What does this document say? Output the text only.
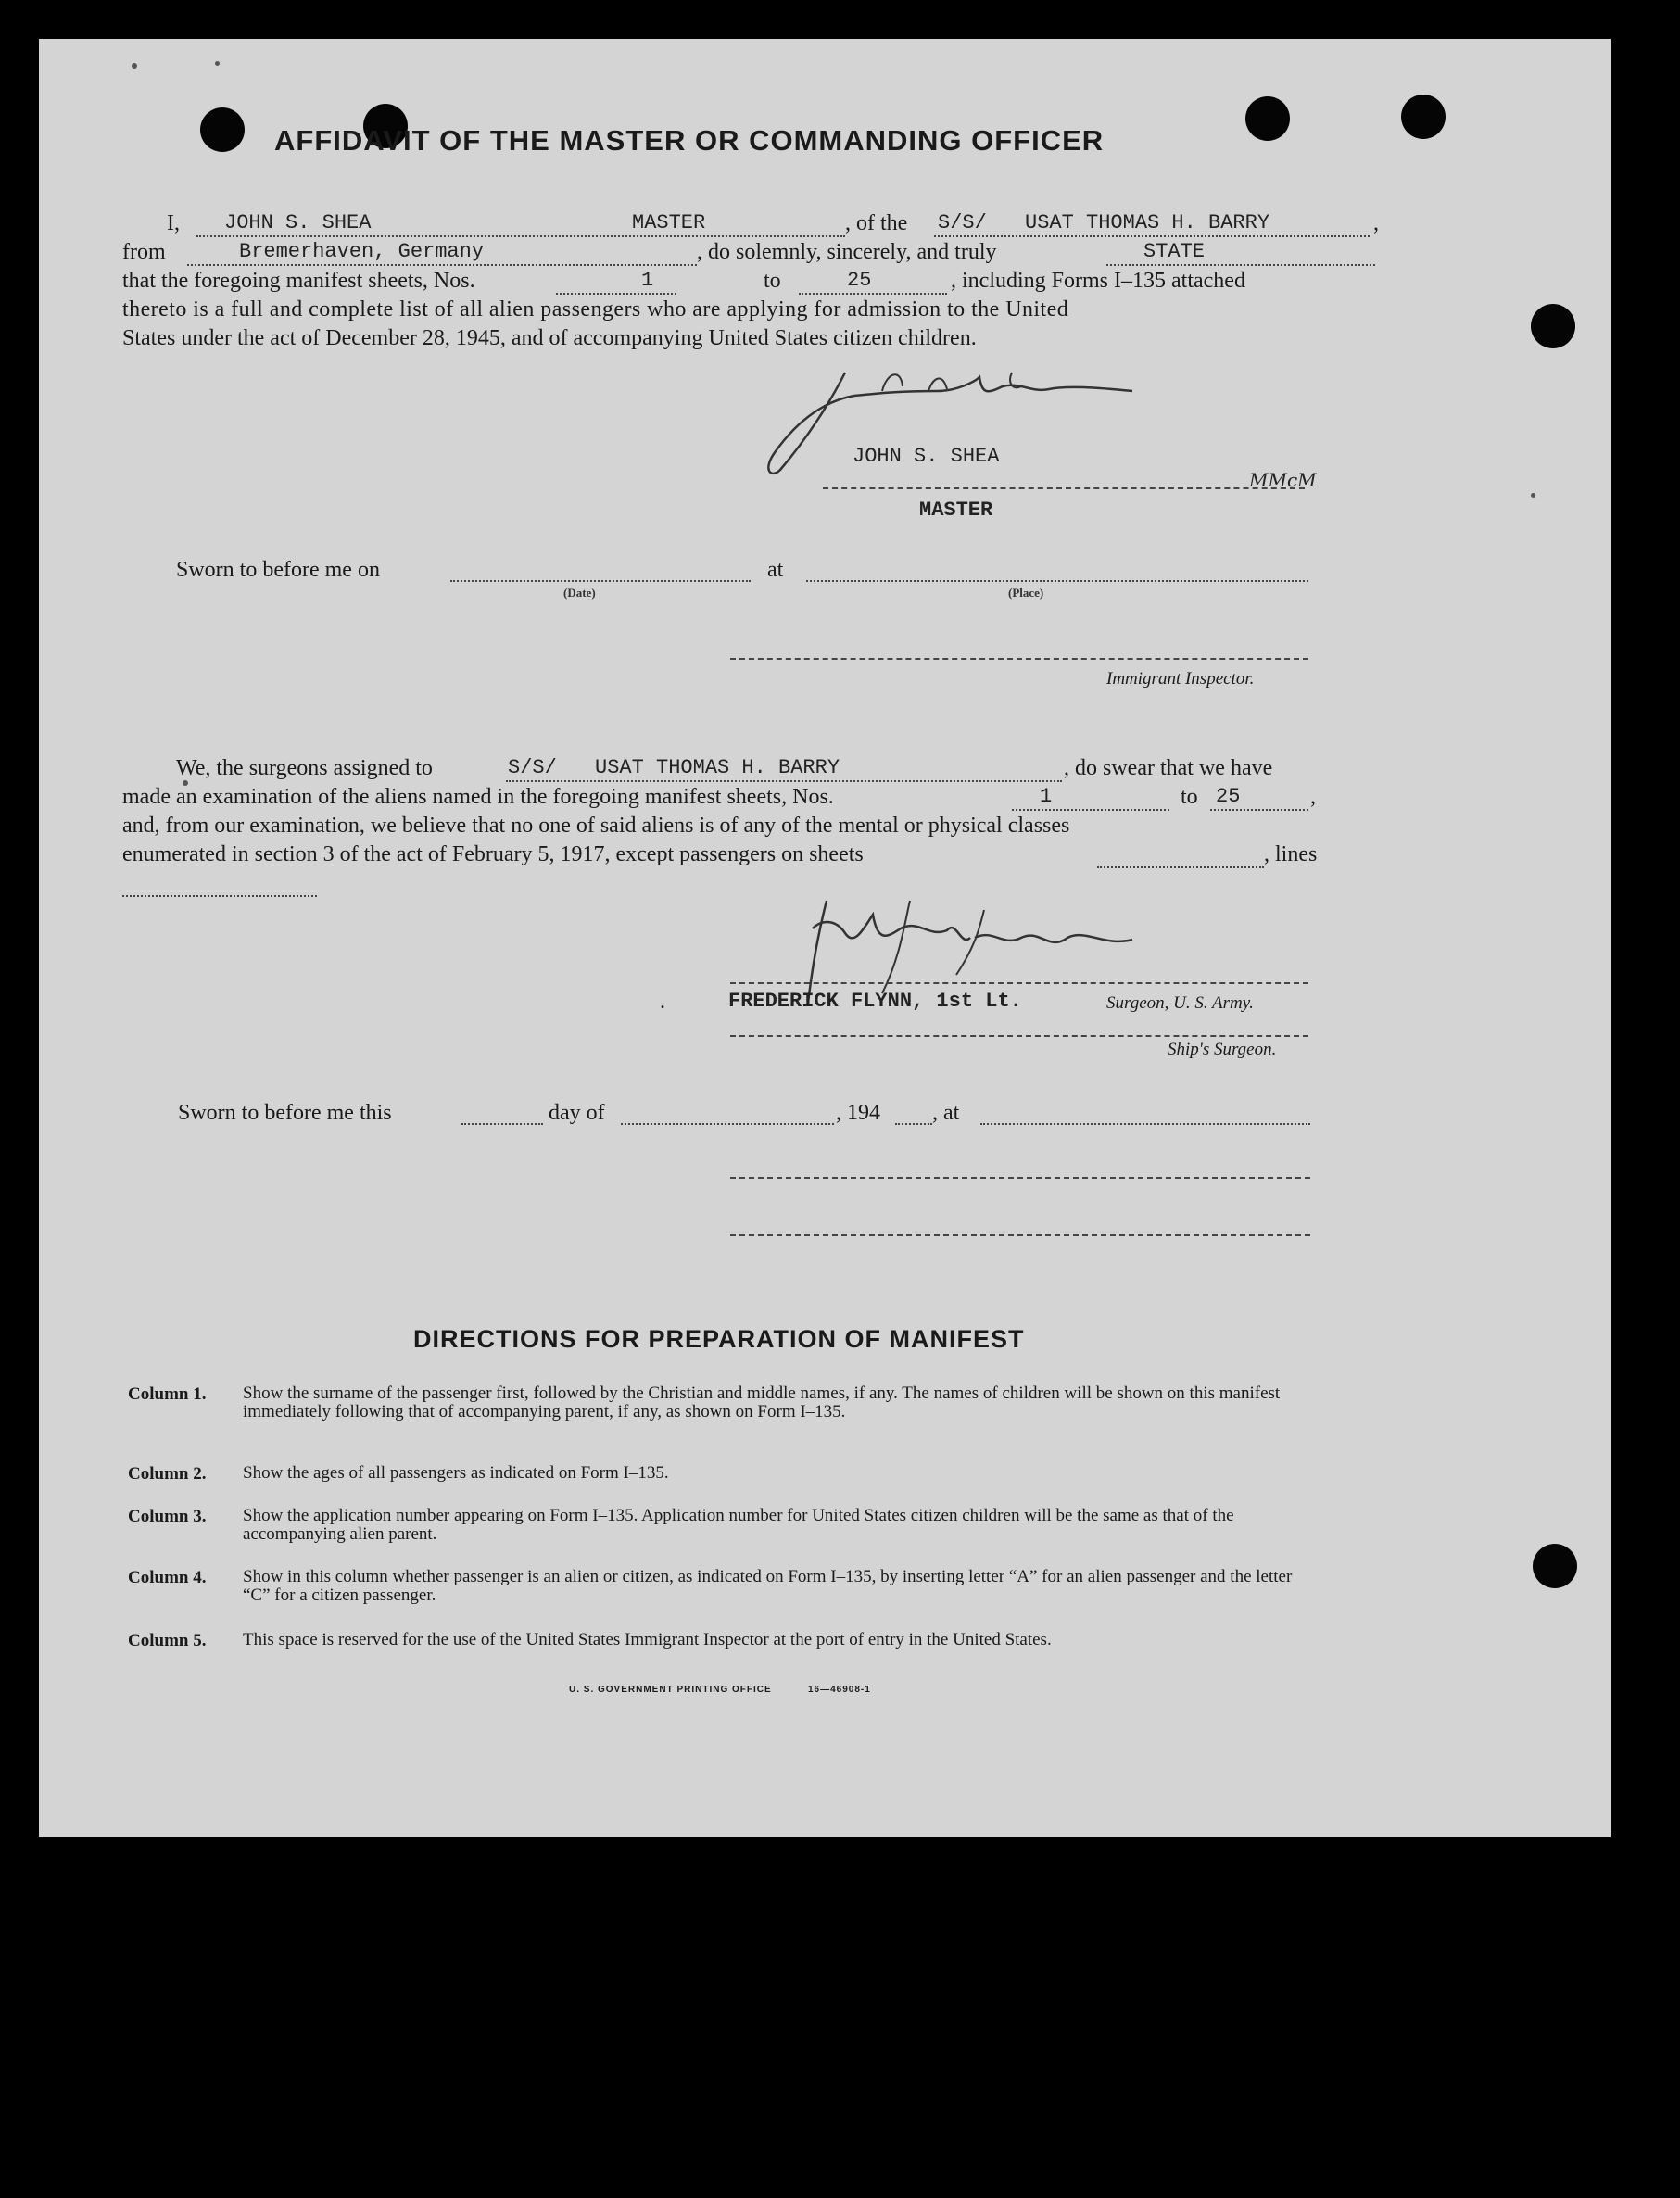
AFFIDAVIT OF THE MASTER OR COMMANDING OFFICER
I, JOHN S. SHEA	MASTER	, of the S/S/ USAT THOMAS H. BARRY	,
from	Bremerhaven, Germany	, do solemnly, sincerely, and truly	STATE
that the foregoing manifest sheets, Nos.	1	to	25	, including Forms I–135 attached
thereto is a full and complete list of all alien passengers who are applying for admission to the United
States under the act of December 28, 1945, and of accompanying United States citizen children.
JOHN S. SHEA
MMcM
MASTER
Sworn to before me on
(Date)
at
(Place)
Immigrant Inspector.
We, the surgeons assigned to	S/S/ USAT THOMAS H. BARRY	, do swear that we have
made an examination of the aliens named in the foregoing manifest sheets, Nos.	1	to 25	,
and, from our examination, we believe that no one of said aliens is of any of the mental or physical classes
enumerated in section 3 of the act of February 5, 1917, except passengers on sheets	, lines
.	FREDERICK FLYNN, 1st Lt.	Surgeon, U. S. Army.
Ship's Surgeon.
Sworn to before me this	day of	, 194 , at
DIRECTIONS FOR PREPARATION OF MANIFEST
Column 1. Show the surname of the passenger first, followed by the Christian and middle names, if any. The names of children will be shown on this manifest immediately following that of accompanying parent, if any, as shown on Form I–135.
Column 2. Show the ages of all passengers as indicated on Form I–135.
Column 3. Show the application number appearing on Form I–135. Application number for United States citizen children will be the same as that of the accompanying alien parent.
Column 4. Show in this column whether passenger is an alien or citizen, as indicated on Form I–135, by inserting letter “A” for an alien passenger and the letter “C” for a citizen passenger.
Column 5. This space is reserved for the use of the United States Immigrant Inspector at the port of entry in the United States.
U. S. GOVERNMENT PRINTING OFFICE	16—46908-1
